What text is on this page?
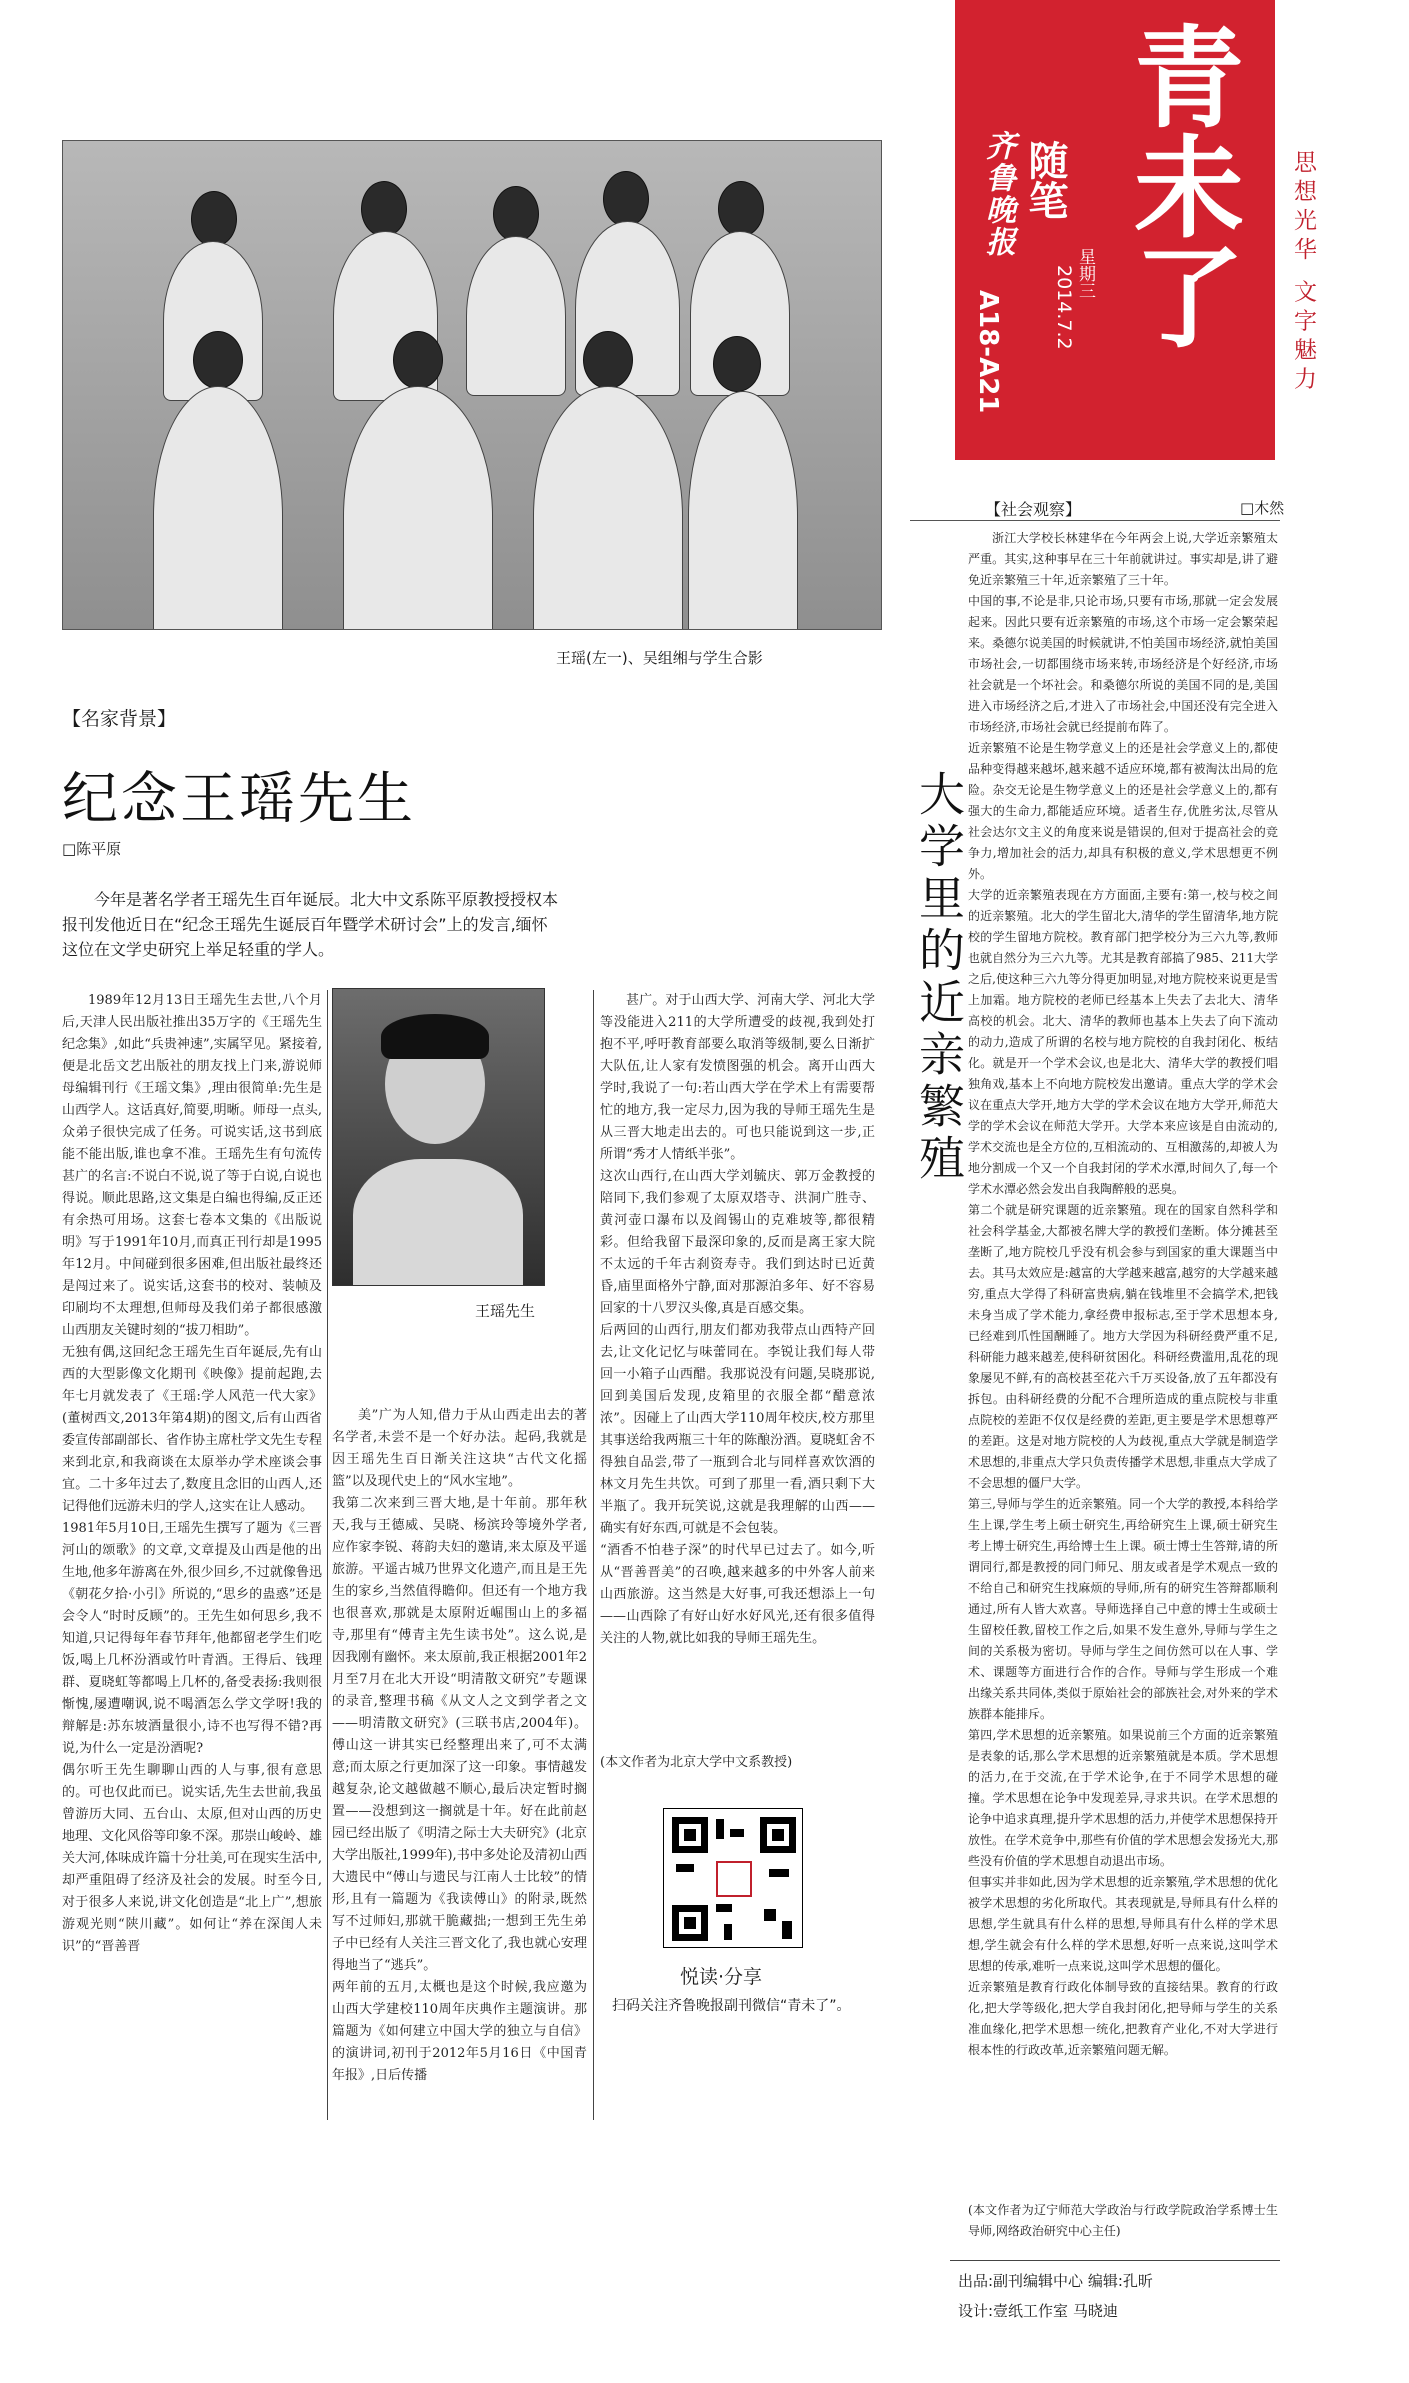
青未了
齐鲁晚报 随笔
A18-A21
星期三
2014.7.2	思想光华 文字魅力
王瑶(左一)、吴组缃与学生合影
【名家背景】
纪念王瑶先生
□陈平原
今年是著名学者王瑶先生百年诞辰。北大中文系陈平原教授授权本报刊发他近日在“纪念王瑶先生诞辰百年暨学术研讨会”上的发言,缅怀这位在文学史研究上举足轻重的学人。
1989年12月13日王瑶先生去世,八个月后,天津人民出版社推出35万字的《王瑶先生纪念集》,如此“兵贵神速”,实属罕见。紧接着,便是北岳文艺出版社的朋友找上门来,游说师母编辑刊行《王瑶文集》,理由很简单:先生是山西学人。这话真好,简要,明晰。师母一点头,众弟子很快完成了任务。可说实话,这书到底能不能出版,谁也拿不准。王瑶先生有句流传甚广的名言:不说白不说,说了等于白说,白说也得说。顺此思路,这文集是白编也得编,反正还有余热可用场。这套七卷本文集的《出版说明》写于1991年10月,而真正刊行却是1995年12月。中间碰到很多困难,但出版社最终还是闯过来了。说实话,这套书的校对、装帧及印刷均不太理想,但师母及我们弟子都很感激山西朋友关键时刻的“拔刀相助”。
无独有偶,这回纪念王瑶先生百年诞辰,先有山西的大型影像文化期刊《映像》提前起跑,去年七月就发表了《王瑶:学人风范一代大家》(董树西文,2013年第4期)的图文,后有山西省委宣传部副部长、省作协主席杜学文先生专程来到北京,和我商谈在太原举办学术座谈会事宜。二十多年过去了,数度且念旧的山西人,还记得他们远游未归的学人,这实在让人感动。
1981年5月10日,王瑶先生撰写了题为《三晋河山的颂歌》的文章,文章提及山西是他的出生地,他多年游离在外,很少回乡,不过就像鲁迅《朝花夕拾·小引》所说的,“思乡的蛊惑”还是会令人“时时反顾”的。王先生如何思乡,我不知道,只记得每年春节拜年,他都留老学生们吃饭,喝上几杯汾酒或竹叶青酒。王得后、钱理群、夏晓虹等都喝上几杯的,备受表扬:我则很惭愧,屡遭嘲讽,说不喝酒怎么学文学呀!我的辩解是:苏东坡酒量很小,诗不也写得不错?再说,为什么一定是汾酒呢?
偶尔听王先生聊聊山西的人与事,很有意思的。可也仅此而已。说实话,先生去世前,我虽曾游历大同、五台山、太原,但对山西的历史地理、文化风俗等印象不深。那崇山峻岭、雄关大河,体味成许篇十分壮美,可在现实生活中,却严重阻碍了经济及社会的发展。时至今日,对于很多人来说,讲文化创造是“北上广”,想旅游观光则“陕川藏”。如何让“养在深闺人未识”的“晋善晋
王瑶先生
美”广为人知,借力于从山西走出去的著名学者,未尝不是一个好办法。起码,我就是因王瑶先生百日渐关注这块“古代文化摇篮”以及现代史上的“风水宝地”。
我第二次来到三晋大地,是十年前。那年秋天,我与王德威、吴晓、杨滨玲等境外学者,应作家李锐、蒋韵夫妇的邀请,来太原及平遥旅游。平遥古城乃世界文化遗产,而且是王先生的家乡,当然值得瞻仰。但还有一个地方我也很喜欢,那就是太原附近崛围山上的多福寺,那里有“傅青主先生读书处”。这么说,是因我刚有幽怀。来太原前,我正根据2001年2月至7月在北大开设“明清散文研究”专题课的录音,整理书稿《从文人之文到学者之文——明清散文研究》(三联书店,2004年)。傅山这一讲其实已经整理出来了,可不太满意;而太原之行更加深了这一印象。事情越发越复杂,论文越做越不顺心,最后决定暂时搁置——没想到这一搁就是十年。好在此前赵园已经出版了《明清之际士大夫研究》(北京大学出版社,1999年),书中多处论及清初山西大遗民中“傅山与遗民与江南人士比较”的情形,且有一篇题为《我读傅山》的附录,既然写不过师妇,那就干脆藏拙;一想到王先生弟子中已经有人关注三晋文化了,我也就心安理得地当了“逃兵”。
两年前的五月,太概也是这个时候,我应邀为山西大学建校110周年庆典作主题演讲。那篇题为《如何建立中国大学的独立与自信》的演讲词,初刊于2012年5月16日《中国青年报》,日后传播
甚广。对于山西大学、河南大学、河北大学等没能进入211的大学所遭受的歧视,我到处打抱不平,呼吁教育部要么取消等级制,要么日渐扩大队伍,让人家有发愤图强的机会。离开山西大学时,我说了一句:若山西大学在学术上有需要帮忙的地方,我一定尽力,因为我的导师王瑶先生是从三晋大地走出去的。可也只能说到这一步,正所谓“秀才人情纸半张”。
这次山西行,在山西大学刘毓庆、郭万金教授的陪同下,我们参观了太原双塔寺、洪洞广胜寺、黄河壶口瀑布以及阎锡山的克难坡等,都很精彩。但给我留下最深印象的,反而是离王家大院不太远的千年古刹资寿寺。我们到达时已近黄昏,庙里面格外宁静,面对那源泊多年、好不容易回家的十八罗汉头像,真是百感交集。
后两回的山西行,朋友们都劝我带点山西特产回去,让文化记忆与味蕾同在。李锐让我们每人带回一小箱子山西醋。我那说没有问题,吴晓那说,回到美国后发现,皮箱里的衣服全都“醋意浓浓”。因碰上了山西大学110周年校庆,校方那里其事送给我两瓶三十年的陈酿汾酒。夏晓虹舍不得独自品尝,带了一瓶到合北与同样喜欢饮酒的林文月先生共饮。可到了那里一看,酒只剩下大半瓶了。我开玩笑说,这就是我理解的山西——确实有好东西,可就是不会包装。
“酒香不怕巷子深”的时代早已过去了。如今,听从“晋善晋美”的召唤,越来越多的中外客人前来山西旅游。这当然是大好事,可我还想添上一句——山西除了有好山好水好风光,还有很多值得关注的人物,就比如我的导师王瑶先生。
(本文作者为北京大学中文系教授)
悦读·分享
扫码关注齐鲁晚报副刊微信“青未了”。
【社会观察】	□木然
大学里的近亲繁殖
浙江大学校长林建华在今年两会上说,大学近亲繁殖太严重。其实,这种事早在三十年前就讲过。事实却是,讲了避免近亲繁殖三十年,近亲繁殖了三十年。
中国的事,不论是非,只论市场,只要有市场,那就一定会发展起来。因此只要有近亲繁殖的市场,这个市场一定会繁荣起来。桑德尔说美国的时候就讲,不怕美国市场经济,就怕美国市场社会,一切都围绕市场来转,市场经济是个好经济,市场社会就是一个坏社会。和桑德尔所说的美国不同的是,美国进入市场经济之后,才进入了市场社会,中国还没有完全进入市场经济,市场社会就已经提前布阵了。
近亲繁殖不论是生物学意义上的还是社会学意义上的,都使品种变得越来越坏,越来越不适应环境,都有被淘汰出局的危险。杂交无论是生物学意义上的还是社会学意义上的,都有强大的生命力,都能适应环境。适者生存,优胜劣汰,尽管从社会达尔文主义的角度来说是错误的,但对于提高社会的竞争力,增加社会的活力,却具有积极的意义,学术思想更不例外。
大学的近亲繁殖表现在方方面面,主要有:第一,校与校之间的近亲繁殖。北大的学生留北大,清华的学生留清华,地方院校的学生留地方院校。教育部门把学校分为三六九等,教师也就自然分为三六九等。尤其是教育部搞了985、211大学之后,使这种三六九等分得更加明显,对地方院校来说更是雪上加霜。地方院校的老师已经基本上失去了去北大、清华高校的机会。北大、清华的教师也基本上失去了向下流动的动力,造成了所谓的名校与地方院校的自我封闭化、板结化。就是开一个学术会议,也是北大、清华大学的教授们唱独角戏,基本上不向地方院校发出邀请。重点大学的学术会议在重点大学开,地方大学的学术会议在地方大学开,师范大学的学术会议在师范大学开。大学本来应该是自由流动的,学术交流也是全方位的,互相流动的、互相激荡的,却被人为地分割成一个又一个自我封闭的学术水潭,时间久了,每一个学术水潭必然会发出自我陶醉般的恶臭。
第二个就是研究课题的近亲繁殖。现在的国家自然科学和社会科学基金,大都被名牌大学的教授们垄断。体分摊甚至垄断了,地方院校几乎没有机会参与到国家的重大课题当中去。其马太效应是:越富的大学越来越富,越穷的大学越来越穷,重点大学得了科研富贵病,躺在钱堆里不会搞学术,把钱未身当成了学术能力,拿经费申报标志,至于学术思想本身,已经难到爪性国酬睡了。地方大学因为科研经费严重不足,科研能力越来越差,使科研贫困化。科研经费滥用,乱花的现象屡见不鲜,有的高校甚至花六千万买设备,放了五年都没有拆包。由科研经费的分配不合理所造成的重点院校与非重点院校的差距不仅仅是经费的差距,更主要是学术思想尊严的差距。这是对地方院校的人为歧视,重点大学就是制造学术思想的,非重点大学只负责传播学术思想,非重点大学成了不会思想的僵尸大学。
第三,导师与学生的近亲繁殖。同一个大学的教授,本科给学生上课,学生考上硕士研究生,再给研究生上课,硕士研究生考上博士研究生,再给博士生上课。硕士博士生答辩,请的所谓同行,都是教授的同门师兄、朋友或者是学术观点一致的不给自己和研究生找麻烦的导师,所有的研究生答辩都顺利通过,所有人皆大欢喜。导师选择自己中意的博士生或硕士生留校任教,留校工作之后,如果不发生意外,导师与学生之间的关系极为密切。导师与学生之间仿然可以在人事、学术、课题等方面进行合作的合作。导师与学生形成一个难出缘关系共同体,类似于原始社会的部族社会,对外来的学术族群本能排斥。
第四,学术思想的近亲繁殖。如果说前三个方面的近亲繁殖是表象的话,那么学术思想的近亲繁殖就是本质。学术思想的活力,在于交流,在于学术论争,在于不同学术思想的碰撞。学术思想在论争中发现差异,寻求共识。在学术思想的论争中追求真理,提升学术思想的活力,并使学术思想保持开放性。在学术竞争中,那些有价值的学术思想会发扬光大,那些没有价值的学术思想自动退出市场。
但事实并非如此,因为学术思想的近亲繁殖,学术思想的优化被学术思想的劣化所取代。其表现就是,导师具有什么样的思想,学生就具有什么样的思想,导师具有什么样的学术思想,学生就会有什么样的学术思想,好听一点来说,这叫学术思想的传承,难听一点来说,这叫学术思想的僵化。
近亲繁殖是教育行政化体制导致的直接结果。教育的行政化,把大学等级化,把大学自我封闭化,把导师与学生的关系准血缘化,把学术思想一统化,把教育产业化,不对大学进行根本性的行政改革,近亲繁殖问题无解。
(本文作者为辽宁师范大学政治与行政学院政治学系博士生导师,网络政治研究中心主任)
出品:副刊编辑中心 编辑:孔昕
设计:壹纸工作室 马晓迪
